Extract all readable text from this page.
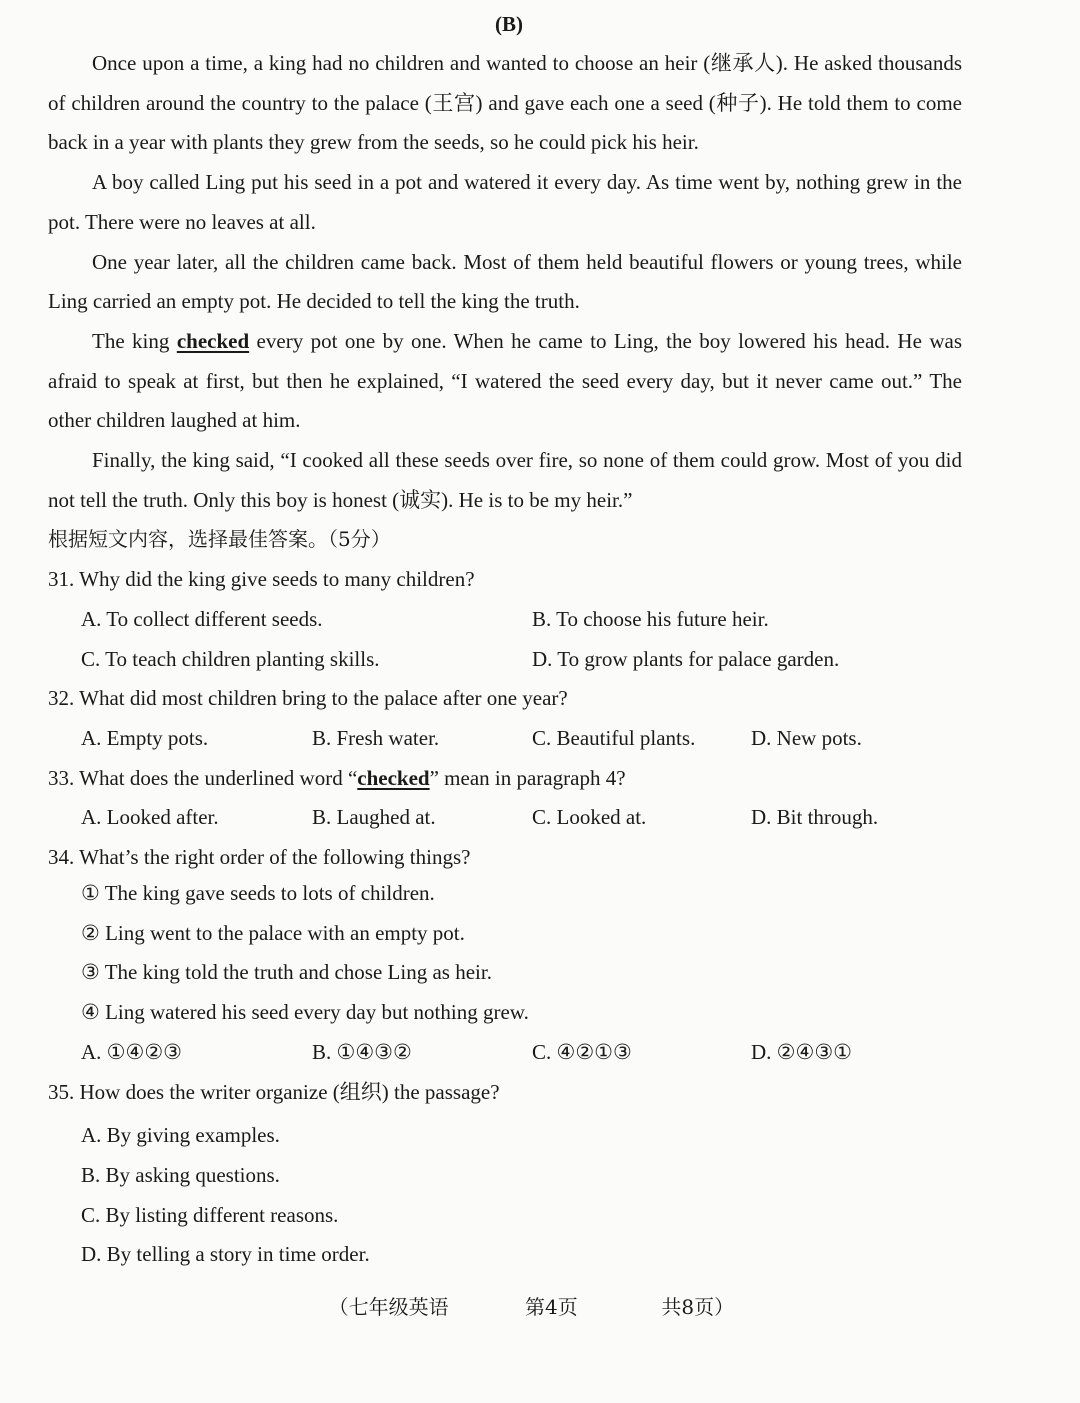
(B)

Once upon a time, a king had no children and wanted to choose an heir (继承人). He asked thousands of children around the country to the palace (王宫) and gave each one a seed (种子). He told them to come back in a year with plants they grew from the seeds, so he could pick his heir.

A boy called Ling put his seed in a pot and watered it every day. As time went by, nothing grew in the pot. There were no leaves at all.

One year later, all the children came back. Most of them held beautiful flowers or young trees, while Ling carried an empty pot. He decided to tell the king the truth.

The king checked every pot one by one. When he came to Ling, the boy lowered his head. He was afraid to speak at first, but then he explained, “I watered the seed every day, but it never came out.” The other children laughed at him.

Finally, the king said, “I cooked all these seeds over fire, so none of them could grow. Most of you did not tell the truth. Only this boy is honest (诚实). He is to be my heir.”

根据短文内容，选择最佳答案。（5分）

31. Why did the king give seeds to many children?

A. To collect different seeds.	B. To choose his future heir.
C. To teach children planting skills.	D. To grow plants for palace garden.

32. What did most children bring to the palace after one year?

A. Empty pots.	B. Fresh water.	C. Beautiful plants.	D. New pots.

33. What does the underlined word “checked” mean in paragraph 4?

A. Looked after.	B. Laughed at.	C. Looked at.	D. Bit through.

34. What’s the right order of the following things?

① The king gave seeds to lots of children.

② Ling went to the palace with an empty pot.

③ The king told the truth and chose Ling as heir.

④ Ling watered his seed every day but nothing grew.

A. ①④②③	B. ①④③②	C. ④②①③	D. ②④③①

35. How does the writer organize (组织) the passage?

A. By giving examples.

B. By asking questions.

C. By listing different reasons.

D. By telling a story in time order.

（七年级英语	第4页	共8页）
